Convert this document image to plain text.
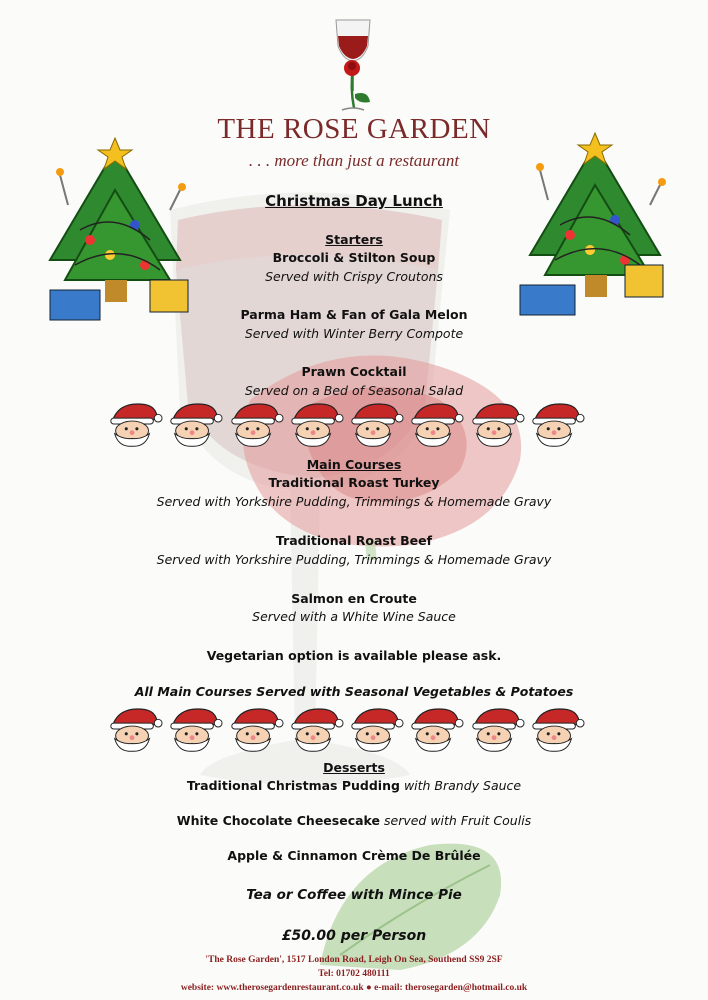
THE ROSE GARDEN
. . . more than just a restaurant
Christmas Day Lunch
Starters
Broccoli & Stilton Soup
Served with Crispy Croutons
Parma Ham & Fan of Gala Melon
Served with Winter Berry Compote
Prawn Cocktail
Served on a Bed of Seasonal Salad
Main Courses
Traditional Roast Turkey
Served with Yorkshire Pudding, Trimmings & Homemade Gravy
Traditional Roast Beef
Served with Yorkshire Pudding, Trimmings & Homemade Gravy
Salmon en Croute
Served with a White Wine Sauce
Vegetarian option is available please ask.
All Main Courses Served with Seasonal Vegetables & Potatoes
Desserts
Traditional Christmas Pudding with Brandy Sauce
White Chocolate Cheesecake served with Fruit Coulis
Apple & Cinnamon Crème De Brûlée
Tea or Coffee with Mince Pie
£50.00 per Person
'The Rose Garden', 1517 London Road, Leigh On Sea, Southend SS9 2SF
Tel: 01702 480111
website: www.therosegardenrestaurant.co.uk ● e-mail: therosegarden@hotmail.co.uk
